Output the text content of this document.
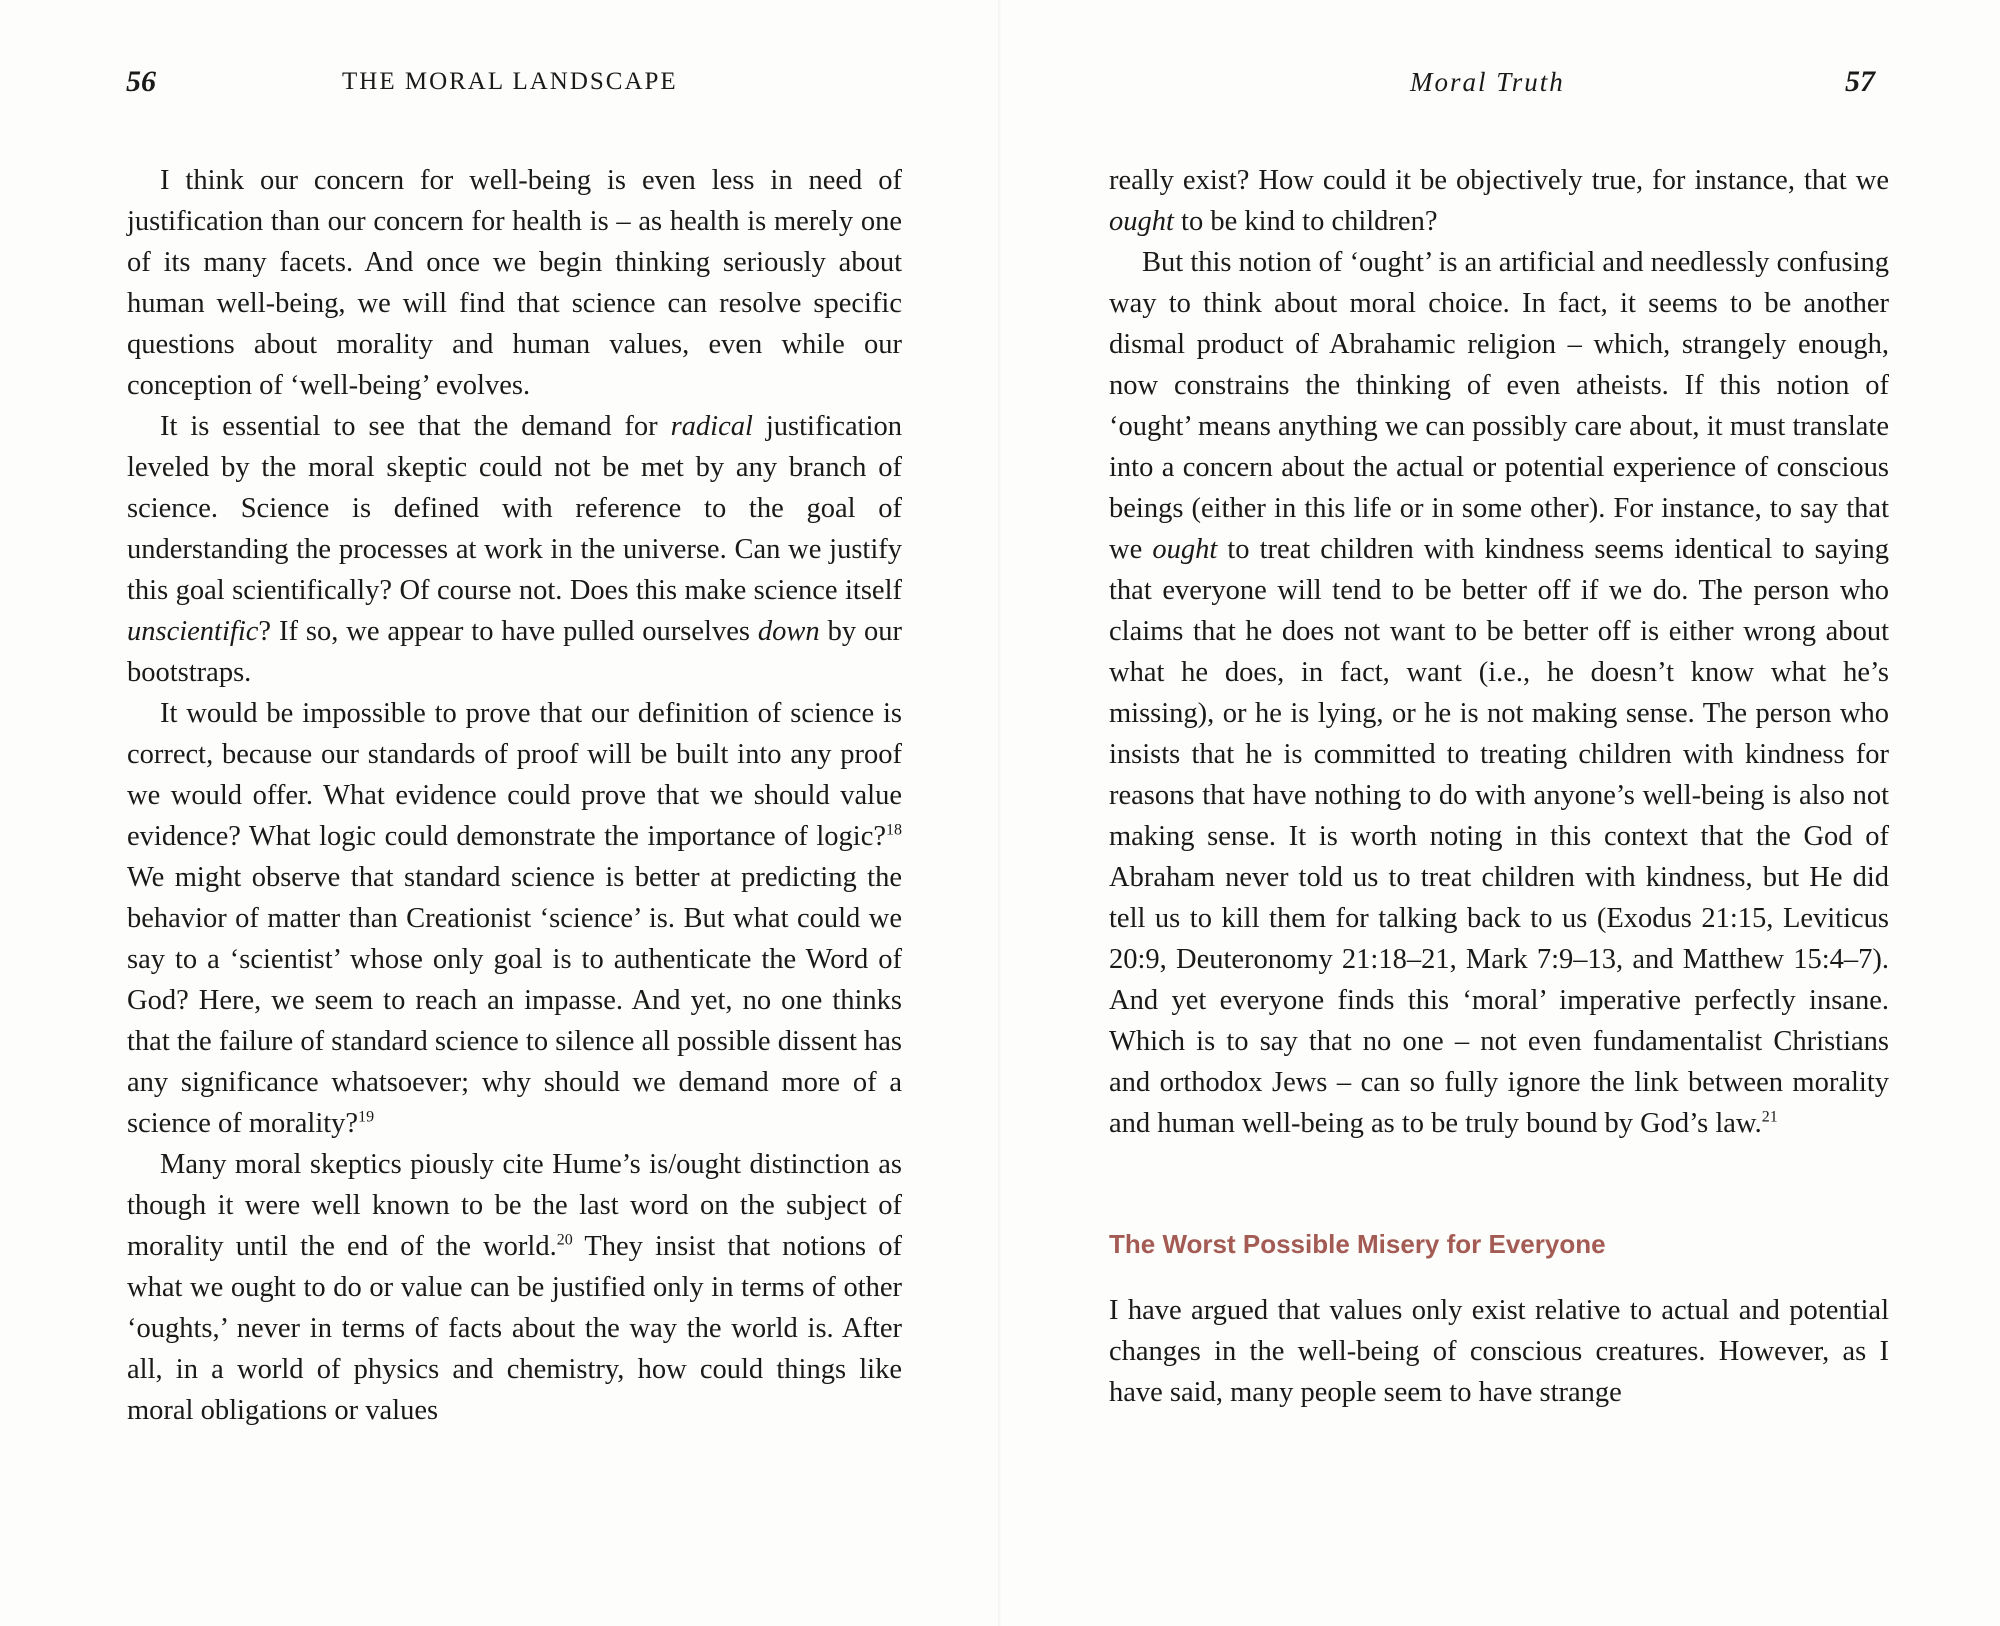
56	THE MORAL LANDSCAPE

I think our concern for well-being is even less in need of justification than our concern for health is – as health is merely one of its many facets. And once we begin thinking seriously about human well-being, we will find that science can resolve specific questions about morality and human values, even while our conception of ‘well-being’ evolves.

It is essential to see that the demand for radical justification leveled by the moral skeptic could not be met by any branch of science. Science is defined with reference to the goal of understanding the processes at work in the universe. Can we justify this goal scientifically? Of course not. Does this make science itself unscientific? If so, we appear to have pulled ourselves down by our bootstraps.

It would be impossible to prove that our definition of science is correct, because our standards of proof will be built into any proof we would offer. What evidence could prove that we should value evidence? What logic could demonstrate the importance of logic?$^{18}$ We might observe that standard science is better at predicting the behavior of matter than Creationist ‘science’ is. But what could we say to a ‘scientist’ whose only goal is to authenticate the Word of God? Here, we seem to reach an impasse. And yet, no one thinks that the failure of standard science to silence all possible dissent has any significance whatsoever; why should we demand more of a science of morality?$^{19}$

Many moral skeptics piously cite Hume’s is/ought distinction as though it were well known to be the last word on the subject of morality until the end of the world.$^{20}$ They insist that notions of what we ought to do or value can be justified only in terms of other ‘oughts,’ never in terms of facts about the way the world is. After all, in a world of physics and chemistry, how could things like moral obligations or values

Moral Truth	57

really exist? How could it be objectively true, for instance, that we ought to be kind to children?

But this notion of ‘ought’ is an artificial and needlessly confusing way to think about moral choice. In fact, it seems to be another dismal product of Abrahamic religion – which, strangely enough, now constrains the thinking of even atheists. If this notion of ‘ought’ means anything we can possibly care about, it must translate into a concern about the actual or potential experience of conscious beings (either in this life or in some other). For instance, to say that we ought to treat children with kindness seems identical to saying that everyone will tend to be better off if we do. The person who claims that he does not want to be better off is either wrong about what he does, in fact, want (i.e., he doesn’t know what he’s missing), or he is lying, or he is not making sense. The person who insists that he is committed to treating children with kindness for reasons that have nothing to do with anyone’s well-being is also not making sense. It is worth noting in this context that the God of Abraham never told us to treat children with kindness, but He did tell us to kill them for talking back to us (Exodus 21:15, Leviticus 20:9, Deuteronomy 21:18–21, Mark 7:9–13, and Matthew 15:4–7). And yet everyone finds this ‘moral’ imperative perfectly insane. Which is to say that no one – not even fundamentalist Christians and orthodox Jews – can so fully ignore the link between morality and human well-being as to be truly bound by God’s law.$^{21}$

The Worst Possible Misery for Everyone

I have argued that values only exist relative to actual and potential changes in the well-being of conscious creatures. However, as I have said, many people seem to have strange
